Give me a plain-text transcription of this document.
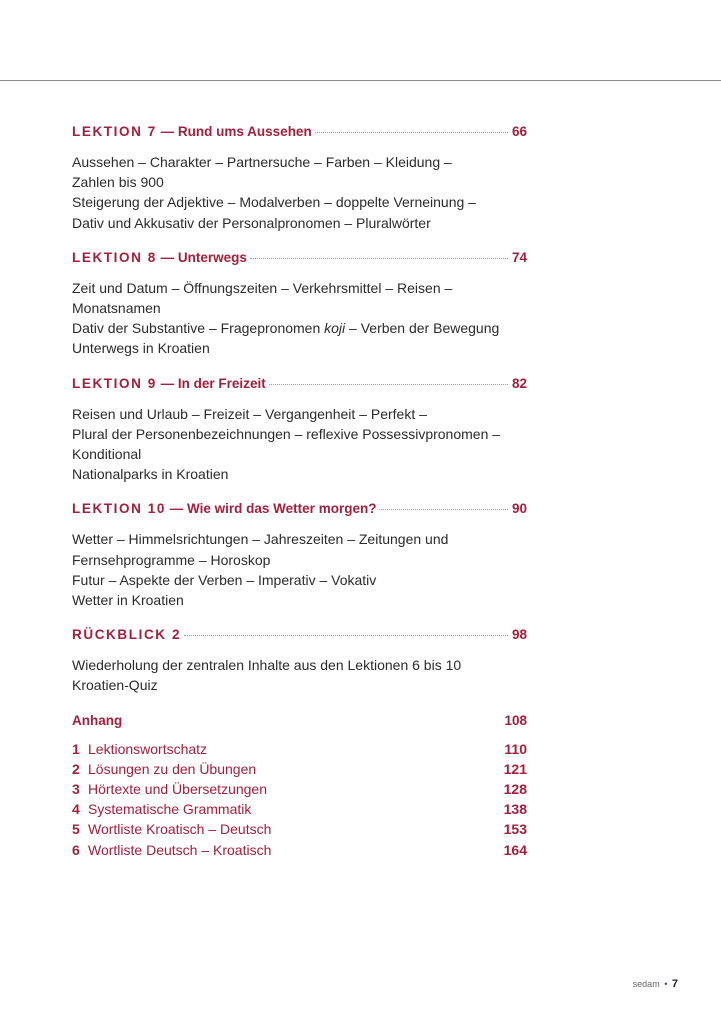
LEKTION 7 — Rund ums Aussehen	66
Aussehen – Charakter – Partnersuche – Farben – Kleidung –
Zahlen bis 900
Steigerung der Adjektive – Modalverben – doppelte Verneinung –
Dativ und Akkusativ der Personalpronomen – Pluralwörter
LEKTION 8 — Unterwegs	74
Zeit und Datum – Öffnungszeiten – Verkehrsmittel – Reisen –
Monatsnamen
Dativ der Substantive – Fragepronomen koji – Verben der Bewegung
Unterwegs in Kroatien
LEKTION 9 — In der Freizeit	82
Reisen und Urlaub – Freizeit – Vergangenheit – Perfekt –
Plural der Personenbezeichnungen – reflexive Possessivpronomen –
Konditional
Nationalparks in Kroatien
LEKTION 10 — Wie wird das Wetter morgen?	90
Wetter – Himmelsrichtungen – Jahreszeiten – Zeitungen und
Fernsehprogramme – Horoskop
Futur – Aspekte der Verben – Imperativ – Vokativ
Wetter in Kroatien
RÜCKBLICK 2	98
Wiederholung der zentralen Inhalte aus den Lektionen 6 bis 10
Kroatien-Quiz
Anhang	108
1 Lektionswortschatz	110
2 Lösungen zu den Übungen	121
3 Hörtexte und Übersetzungen	128
4 Systematische Grammatik	138
5 Wortliste Kroatisch – Deutsch	153
6 Wortliste Deutsch – Kroatisch	164
sedam • 7
